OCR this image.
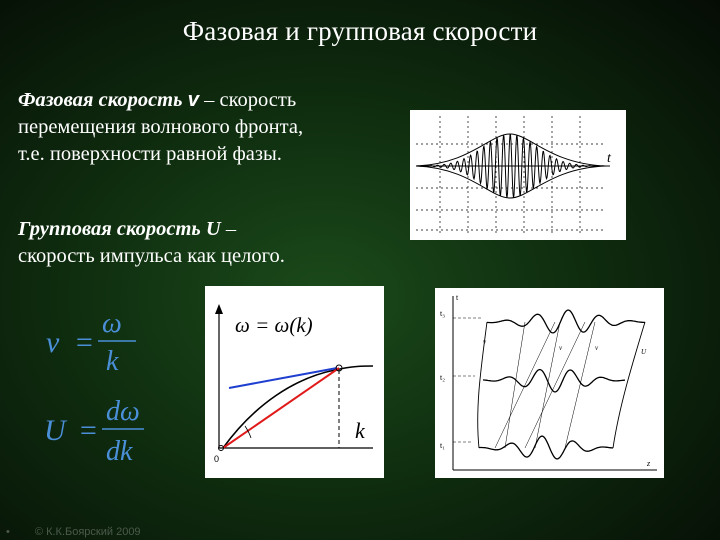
Фазовая и групповая скорости
Фазовая скорость v – скорость
перемещения волнового фронта,
т.е. поверхности равной фазы.
Групповая скорость U –
скорость импульса как целого.
v =
ω
k
U =
dω
dk
t
ω = ω(k)
k
0
t
t₃
t₂
t₁
z
v
v	v	U
• © К.К.Боярский 2009
